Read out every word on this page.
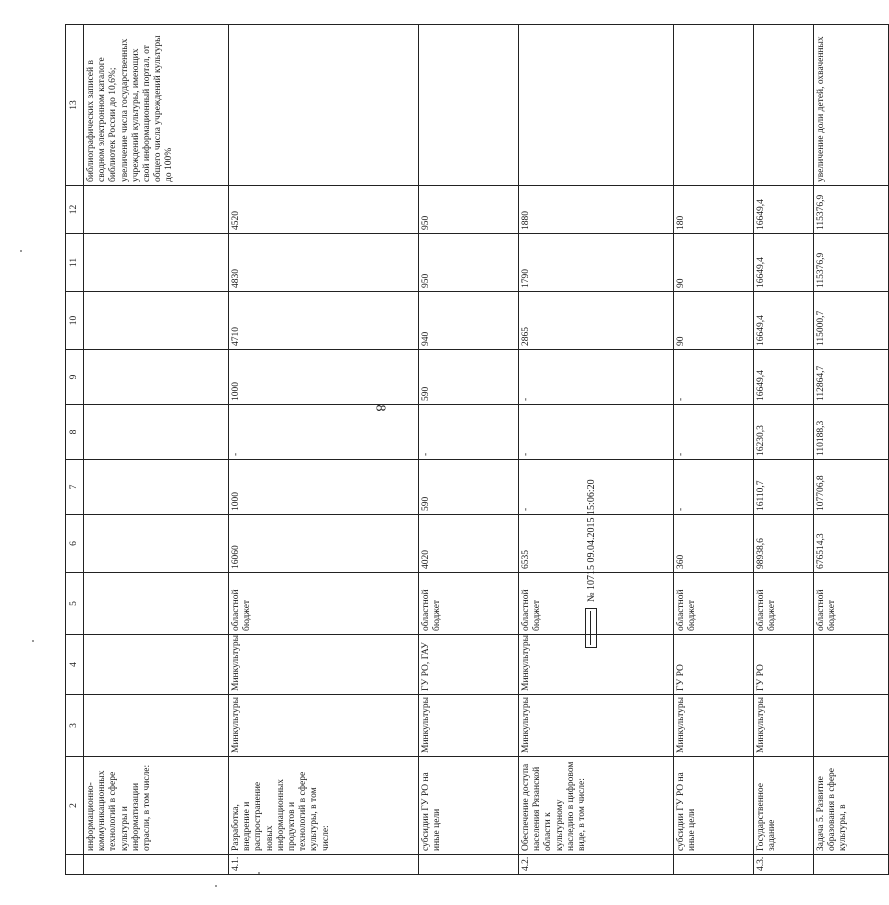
8
	2	3	4	5	6	7	8	9	10	11	12	13
	информационно-коммуникационных технологий в сфере культуры и информатизации отрасли, в том числе:											библиографических записей в сводном электронном каталоге библиотек России до 10,6%; увеличение числа государственных учреждений культуры, имеющих свой информационный портал, от общего числа учреждений культуры до 100%
4.1.	Разработка, внедрение и распространение новых информационных продуктов и технологий в сфере культуры, в том числе:	Минкультуры	Минкультуры	областной бюджет	16060	1000	-	1000	4710	4830	4520	
	субсидии ГУ РО на иные цели	Минкультуры	ГУ РО, ГАУ	областной бюджет	4020	590	-	590	940	950	950	
4.2.	Обеспечение доступа населения Рязанской области к культурному наследию в цифровом виде, в том числе:	Минкультуры	Минкультуры	областной бюджет	6535	-	-	-	2865	1790	1880	
	субсидии ГУ РО на иные цели	Минкультуры	ГУ РО	областной бюджет	360	-	-	-	90	90	180	
4.3.	Государственное задание	Минкультуры	ГУ РО	областной бюджет	98938,6	16110,7	16230,3	16649,4	16649,4	16649,4	16649,4	
	Задача 5. Развитие образования в сфере культуры, в			областной бюджет	676514,3	107706,8	110188,3	112864,7	115000,7	115376,9	115376,9	увеличение доли детей, охваченных
№ 10715 09.04.2015 15:06:20
